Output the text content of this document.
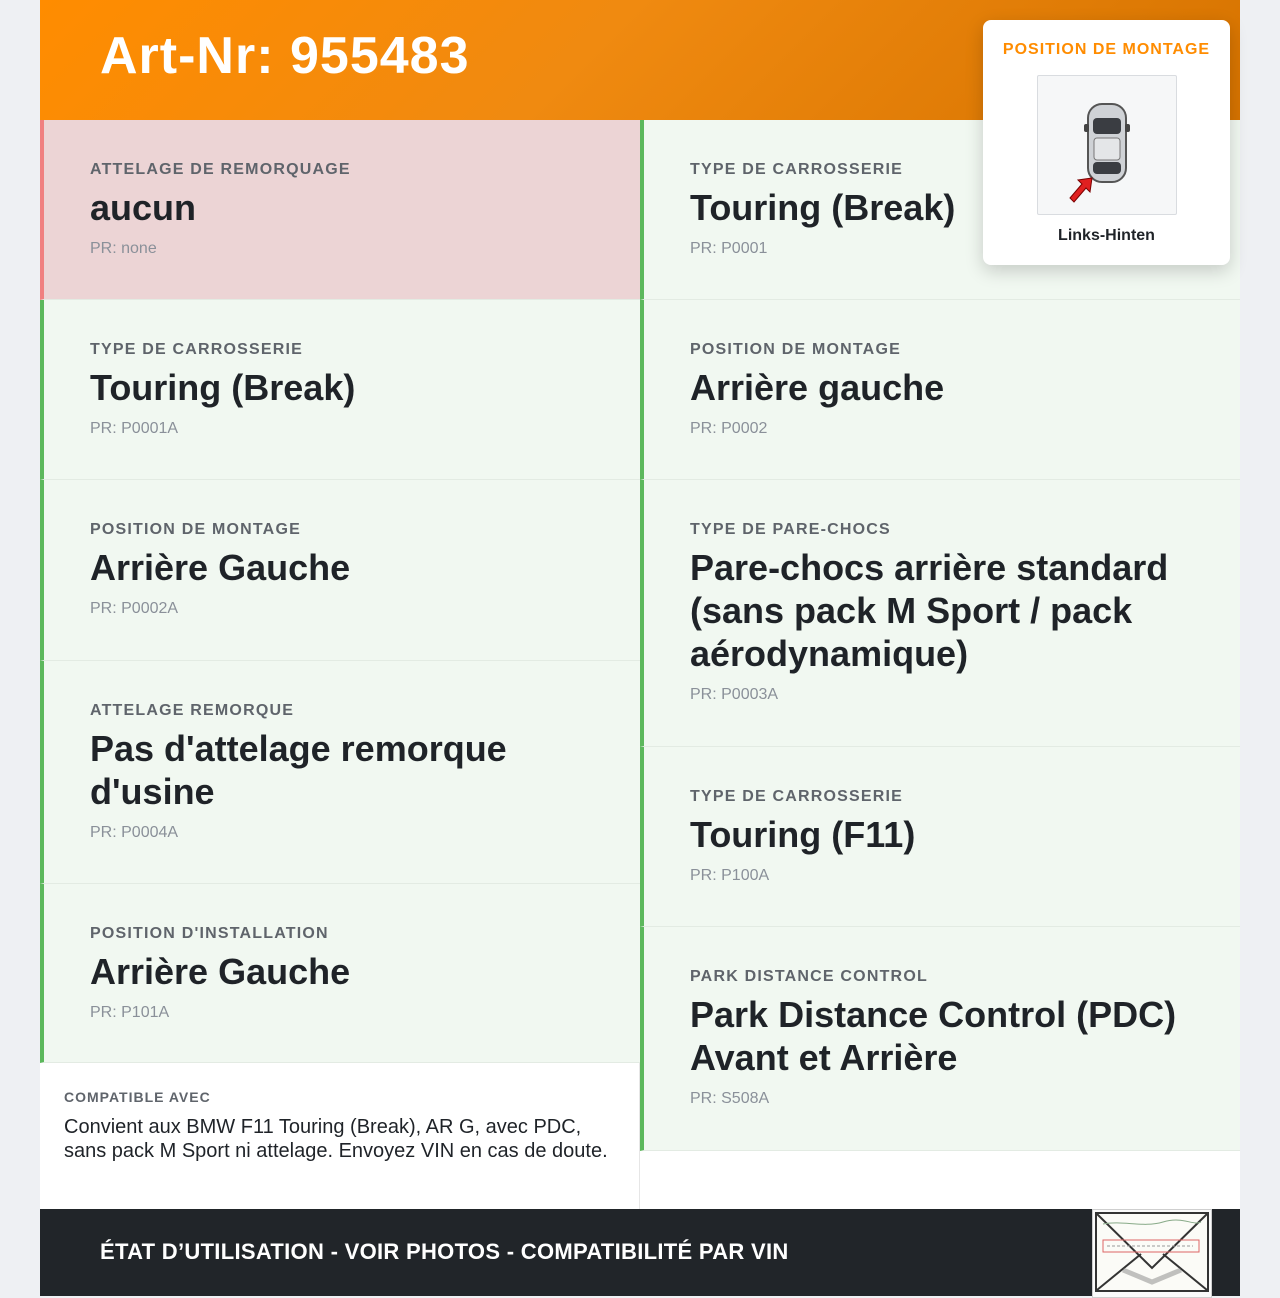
Art-Nr: 955483
ATTELAGE DE REMORQUAGE
aucun
PR: none
TYPE DE CARROSSERIE
Touring (Break)
PR: P0001A
POSITION DE MONTAGE
Arrière Gauche
PR: P0002A
ATTELAGE REMORQUE
Pas d'attelage remorque d'usine
PR: P0004A
POSITION D'INSTALLATION
Arrière Gauche
PR: P101A
TYPE DE CARROSSERIE
Touring (Break)
PR: P0001
POSITION DE MONTAGE
Arrière gauche
PR: P0002
TYPE DE PARE-CHOCS
Pare-chocs arrière standard (sans pack M Sport / pack aérodynamique)
PR: P0003A
TYPE DE CARROSSERIE
Touring (F11)
PR: P100A
PARK DISTANCE CONTROL
Park Distance Control (PDC) Avant et Arrière
PR: S508A
COMPATIBLE AVEC
Convient aux BMW F11 Touring (Break), AR G, avec PDC, sans pack M Sport ni attelage. Envoyez VIN en cas de doute.
ÉTAT D’UTILISATION - VOIR PHOTOS - COMPATIBILITÉ PAR VIN
POSITION DE MONTAGE
Links-Hinten
